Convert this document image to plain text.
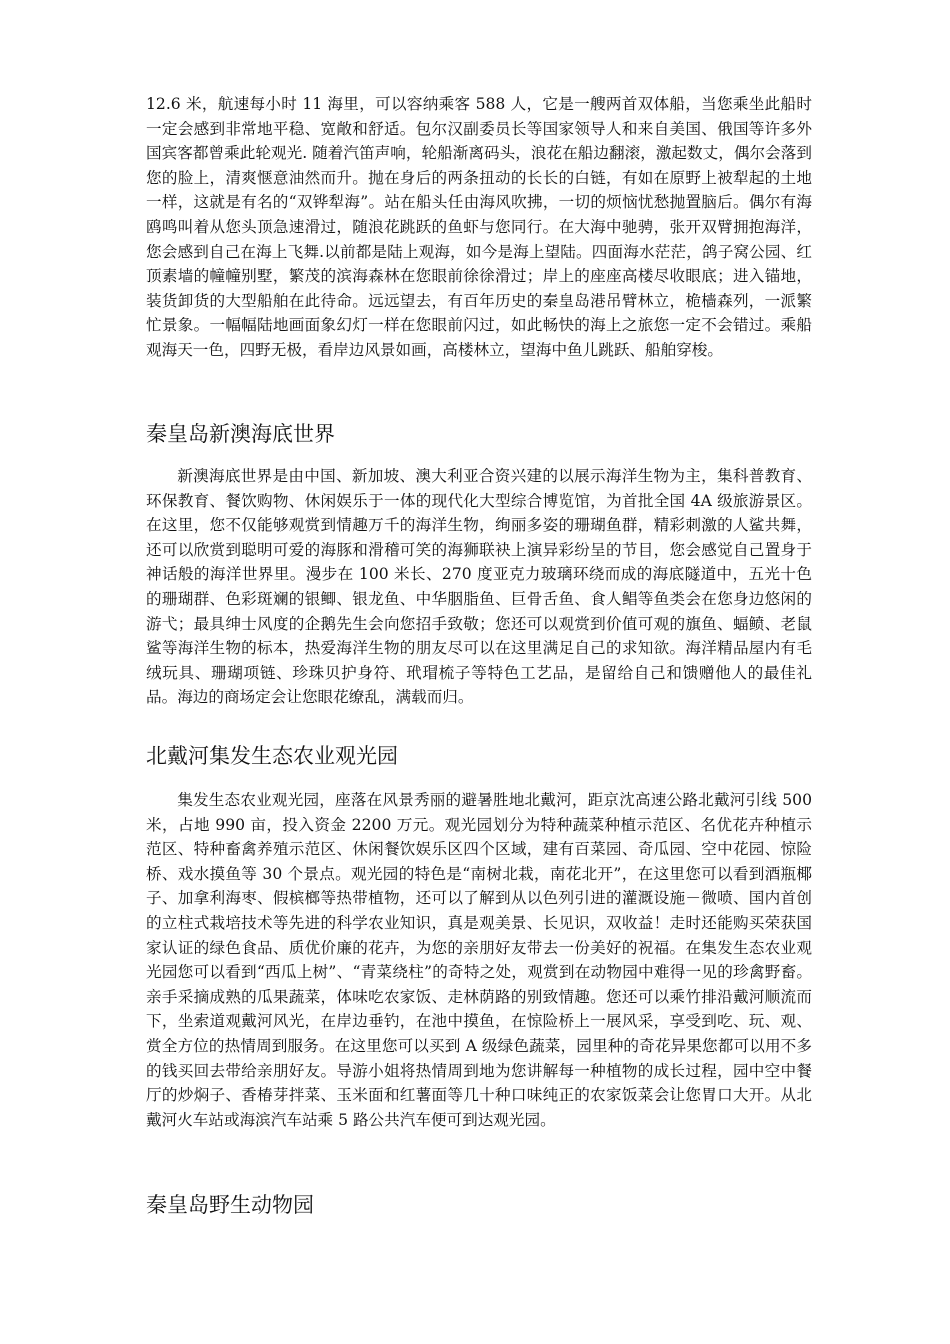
12.6 米，航速每小时 11 海里，可以容纳乘客 588 人，它是一艘两首双体船，当您乘坐此船时一定会感到非常地平稳、宽敞和舒适。包尔汉副委员长等国家领导人和来自美国、俄国等许多外国宾客都曾乘此轮观光. 随着汽笛声响，轮船渐离码头，浪花在船边翻滚，激起数丈，偶尔会落到您的脸上，清爽惬意油然而升。抛在身后的两条扭动的长长的白链，有如在原野上被犁起的土地一样，这就是有名的“双铧犁海”。站在船头任由海风吹拂，一切的烦恼忧愁抛置脑后。偶尔有海鸥鸣叫着从您头顶急速滑过，随浪花跳跃的鱼虾与您同行。在大海中驰骋，张开双臂拥抱海洋，您会感到自己在海上飞舞.以前都是陆上观海，如今是海上望陆。四面海水茫茫，鸽子窝公园、红顶素墙的幢幢别墅，繁茂的滨海森林在您眼前徐徐滑过；岸上的座座高楼尽收眼底；进入锚地，装货卸货的大型船舶在此待命。远远望去，有百年历史的秦皇岛港吊臂林立，桅樯森列，一派繁忙景象。一幅幅陆地画面象幻灯一样在您眼前闪过，如此畅快的海上之旅您一定不会错过。乘船观海天一色，四野无极，看岸边风景如画，高楼林立，望海中鱼儿跳跃、船舶穿梭。

秦皇岛新澳海底世界

新澳海底世界是由中国、新加坡、澳大利亚合资兴建的以展示海洋生物为主，集科普教育、环保教育、餐饮购物、休闲娱乐于一体的现代化大型综合博览馆，为首批全国 4A 级旅游景区。在这里，您不仅能够观赏到情趣万千的海洋生物，绚丽多姿的珊瑚鱼群，精彩刺激的人鲨共舞，还可以欣赏到聪明可爱的海豚和滑稽可笑的海狮联袂上演异彩纷呈的节目，您会感觉自己置身于神话般的海洋世界里。漫步在 100 米长、270 度亚克力玻璃环绕而成的海底隧道中，五光十色的珊瑚群、色彩斑斓的银鲫、银龙鱼、中华胭脂鱼、巨骨舌鱼、食人鲳等鱼类会在您身边悠闲的游弋；最具绅士风度的企鹅先生会向您招手致敬；您还可以观赏到价值可观的旗鱼、蝠鲼、老鼠鲨等海洋生物的标本，热爱海洋生物的朋友尽可以在这里满足自己的求知欲。海洋精品屋内有毛绒玩具、珊瑚项链、珍珠贝护身符、玳瑁梳子等特色工艺品，是留给自己和馈赠他人的最佳礼品。海边的商场定会让您眼花缭乱，满载而归。

北戴河集发生态农业观光园

集发生态农业观光园，座落在风景秀丽的避暑胜地北戴河，距京沈高速公路北戴河引线 500 米，占地 990 亩，投入资金 2200 万元。观光园划分为特种蔬菜种植示范区、名优花卉种植示范区、特种畜禽养殖示范区、休闲餐饮娱乐区四个区域，建有百菜园、奇瓜园、空中花园、惊险桥、戏水摸鱼等 30 个景点。观光园的特色是“南树北栽，南花北开”，在这里您可以看到酒瓶椰子、加拿利海枣、假槟榔等热带植物，还可以了解到从以色列引进的灌溉设施－微喷、国内首创的立柱式栽培技术等先进的科学农业知识，真是观美景、长见识，双收益！走时还能购买荣获国家认证的绿色食品、质优价廉的花卉，为您的亲朋好友带去一份美好的祝福。在集发生态农业观光园您可以看到“西瓜上树”、“青菜绕柱”的奇特之处，观赏到在动物园中难得一见的珍禽野畜。亲手采摘成熟的瓜果蔬菜，体味吃农家饭、走林荫路的别致情趣。您还可以乘竹排沿戴河顺流而下，坐索道观戴河风光，在岸边垂钓，在池中摸鱼，在惊险桥上一展风采，享受到吃、玩、观、赏全方位的热情周到服务。在这里您可以买到 A 级绿色蔬菜，园里种的奇花异果您都可以用不多的钱买回去带给亲朋好友。导游小姐将热情周到地为您讲解每一种植物的成长过程，园中空中餐厅的炒焖子、香椿芽拌菜、玉米面和红薯面等几十种口味纯正的农家饭菜会让您胃口大开。从北戴河火车站或海滨汽车站乘 5 路公共汽车便可到达观光园。

秦皇岛野生动物园
